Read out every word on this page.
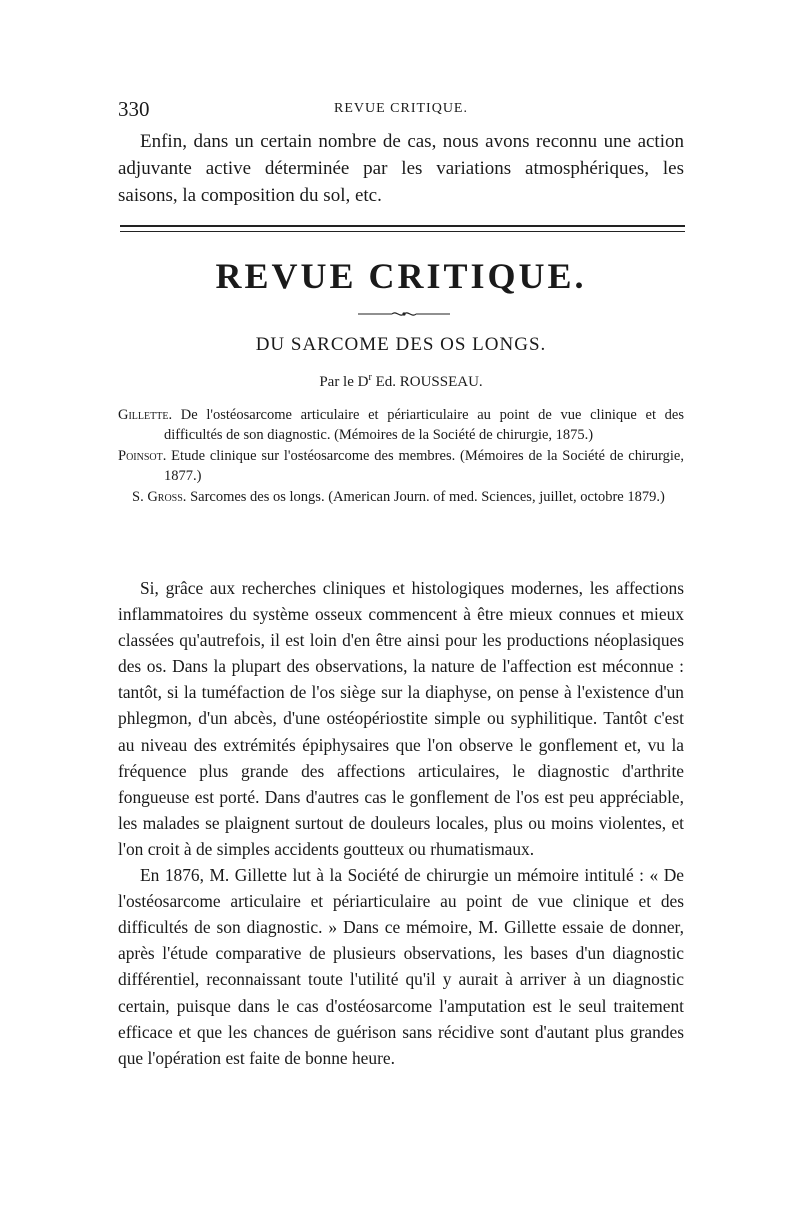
330	REVUE CRITIQUE.

Enfin, dans un certain nombre de cas, nous avons reconnu une action adjuvante active déterminée par les variations atmosphériques, les saisons, la composition du sol, etc.

REVUE CRITIQUE.
DU SARCOME DES OS LONGS.

Par le $D^r$ Ed. ROUSSEAU.

Gillette. De l'ostéosarcome articulaire et périarticulaire au point de vue clinique et des difficultés de son diagnostic. (Mémoires de la Société de chirurgie, 1875.)

Poinsot. Etude clinique sur l'ostéosarcome des membres. (Mémoires de la Société de chirurgie, 1877.)

S. Gross. Sarcomes des os longs. (American Journ. of med. Sciences, juillet, octobre 1879.)

Si, grâce aux recherches cliniques et histologiques modernes, les affections inflammatoires du système osseux commencent à être mieux connues et mieux classées qu'autrefois, il est loin d'en être ainsi pour les productions néoplasiques des os. Dans la plupart des observations, la nature de l'affection est méconnue : tantôt, si la tuméfaction de l'os siège sur la diaphyse, on pense à l'existence d'un phlegmon, d'un abcès, d'une ostéopériostite simple ou syphilitique. Tantôt c'est au niveau des extrémités épiphysaires que l'on observe le gonflement et, vu la fréquence plus grande des affections articulaires, le diagnostic d'arthrite fongueuse est porté. Dans d'autres cas le gonflement de l'os est peu appréciable, les malades se plaignent surtout de douleurs locales, plus ou moins violentes, et l'on croit à de simples accidents goutteux ou rhumatismaux.

En 1876, M. Gillette lut à la Société de chirurgie un mémoire intitulé : « De l'ostéosarcome articulaire et périarticulaire au point de vue clinique et des difficultés de son diagnostic. » Dans ce mémoire, M. Gillette essaie de donner, après l'étude comparative de plusieurs observations, les bases d'un diagnostic différentiel, reconnaissant toute l'utilité qu'il y aurait à arriver à un diagnostic certain, puisque dans le cas d'ostéosarcome l'amputation est le seul traitement efficace et que les chances de guérison sans récidive sont d'autant plus grandes que l'opération est faite de bonne heure.
